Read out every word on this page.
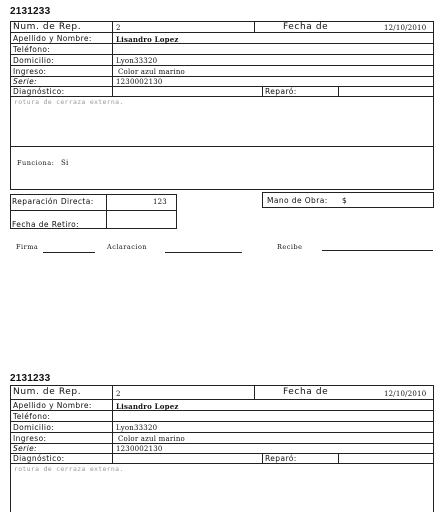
2131233
Num. de Rep.	2	Fecha de	12/10/2010
Apellido y Nombre:	Lisandro Lopez
Teléfono:
Domicilio:	Lyon33320
Ingreso:	Color azul marino
Serie:	1230002130
Diagnóstico:	Reparó:
rotura de cerraza externa.
Funciona: Si
Reparación Directa:	123
Fecha de Retiro:
Mano de Obra: $
Firma	Aclaracion	Recibe
2131233
Num. de Rep.	2	Fecha de	12/10/2010
Apellido y Nombre:	Lisandro Lopez
Teléfono:
Domicilio:	Lyon33320
Ingreso:	Color azul marino
Serie:	1230002130
Diagnóstico:	Reparó:
rotura de cerraza externa.
